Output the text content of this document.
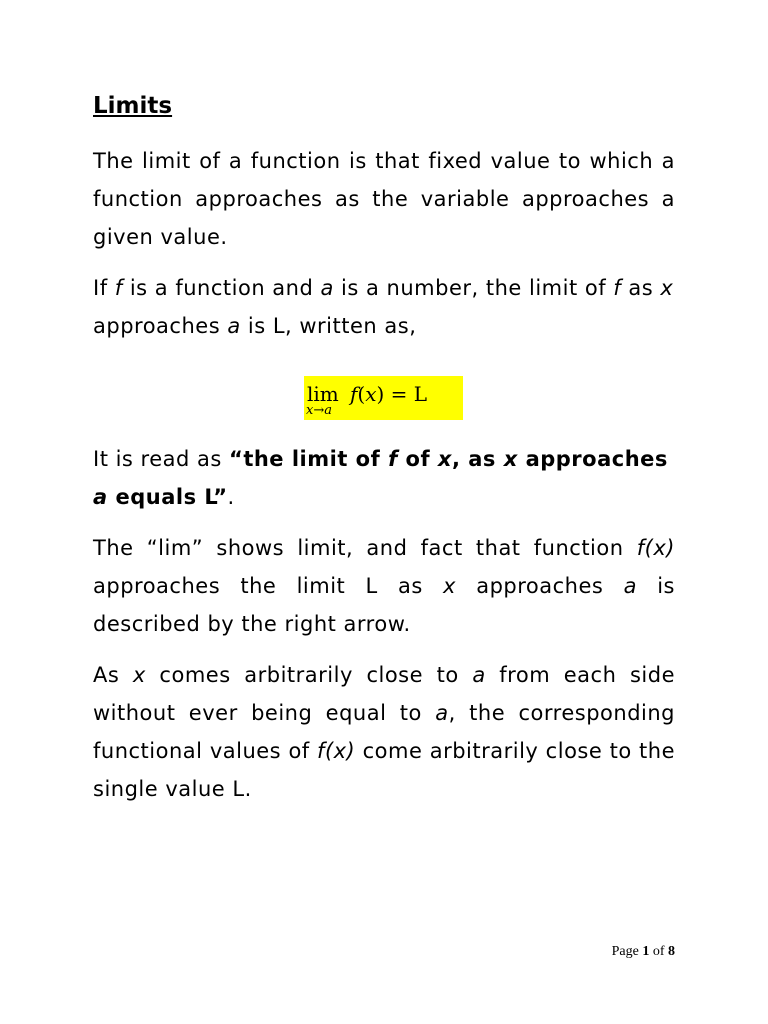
Limits

The limit of a function is that fixed value to which a function approaches as the variable approaches a given value.

If f is a function and a is a number, the limit of f as x approaches a is L, written as,

lim
x→a
𝑓(𝑥) = L

It is read as “the limit of f of x, as x approaches a equals L”.

The “lim” shows limit, and fact that function f(x) approaches the limit L as x approaches a is described by the right arrow.

As x comes arbitrarily close to a from each side without ever being equal to a, the corresponding functional values of f(x) come arbitrarily close to the single value L.

Page 1 of 8
